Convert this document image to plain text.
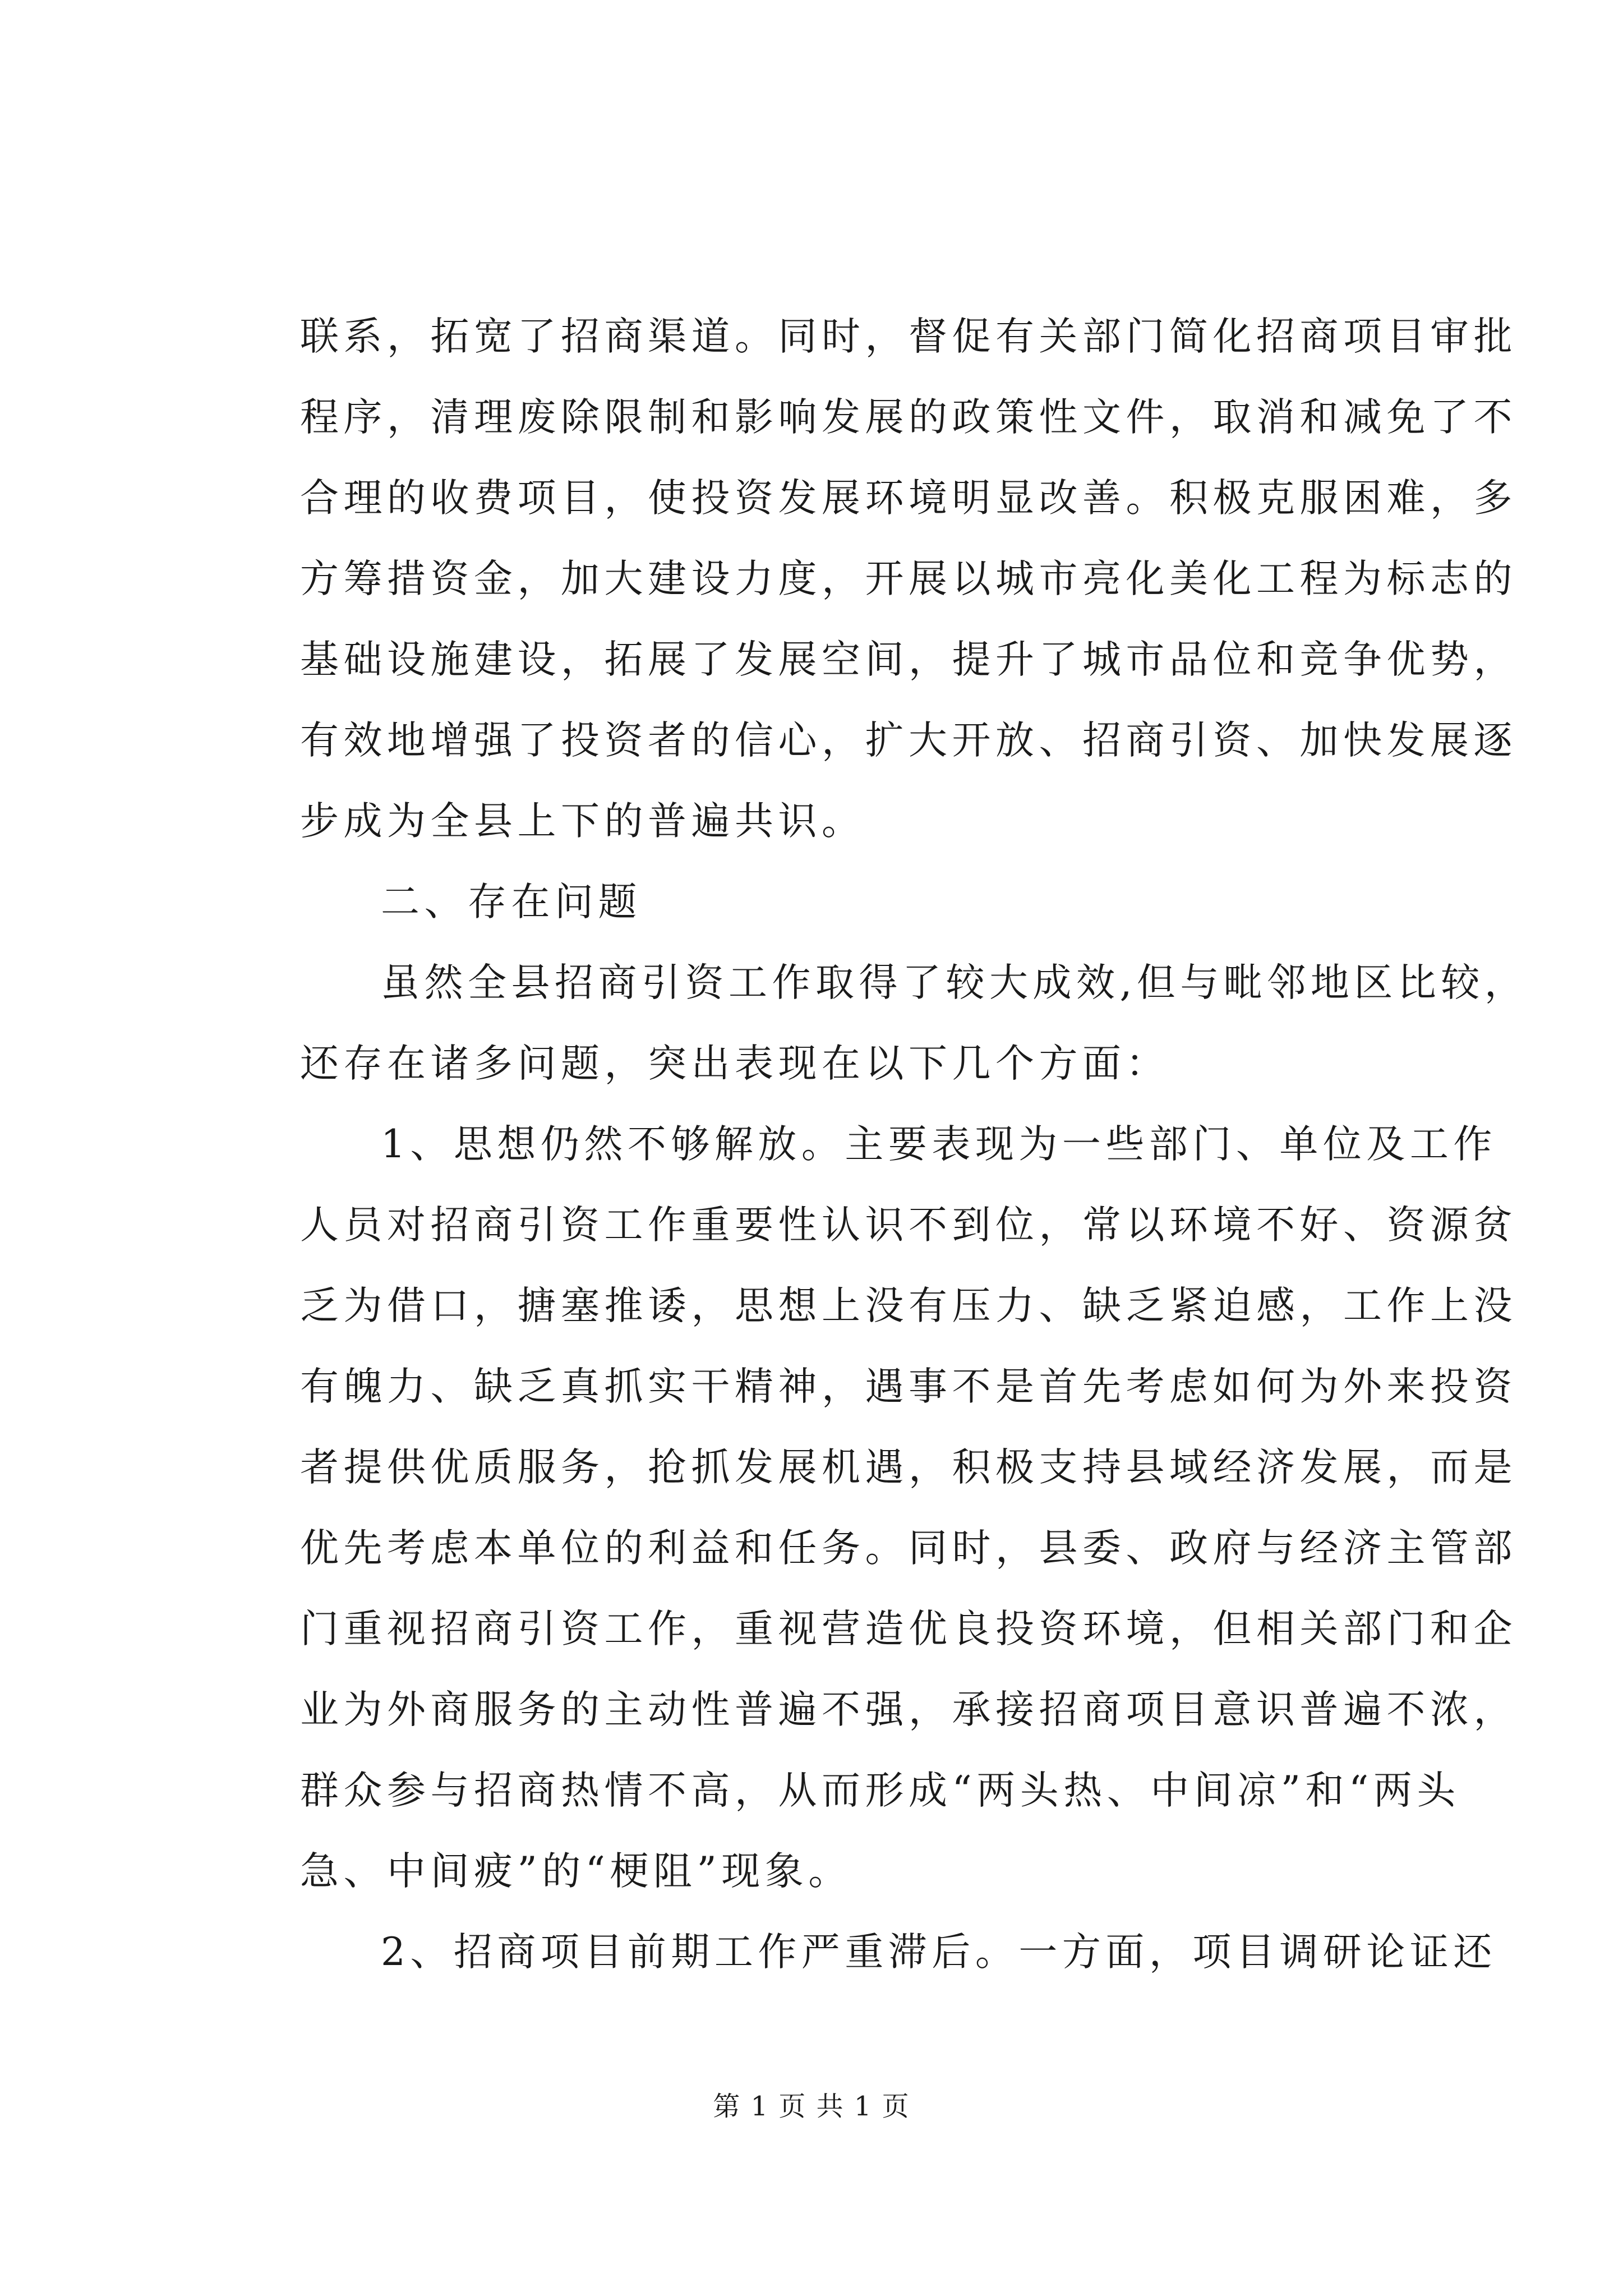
联系，拓宽了招商渠道。同时，督促有关部门简化招商项目审批
程序，清理废除限制和影响发展的政策性文件，取消和减免了不
合理的收费项目，使投资发展环境明显改善。积极克服困难，多
方筹措资金，加大建设力度，开展以城市亮化美化工程为标志的
基础设施建设，拓展了发展空间，提升了城市品位和竞争优势，
有效地增强了投资者的信心，扩大开放、招商引资、加快发展逐
步成为全县上下的普遍共识。
二、存在问题
虽然全县招商引资工作取得了较大成效,但与毗邻地区比较，
还存在诸多问题，突出表现在以下几个方面：
1、思想仍然不够解放。主要表现为一些部门、单位及工作
人员对招商引资工作重要性认识不到位，常以环境不好、资源贫
乏为借口，搪塞推诿，思想上没有压力、缺乏紧迫感，工作上没
有魄力、缺乏真抓实干精神，遇事不是首先考虑如何为外来投资
者提供优质服务，抢抓发展机遇，积极支持县域经济发展，而是
优先考虑本单位的利益和任务。同时，县委、政府与经济主管部
门重视招商引资工作，重视营造优良投资环境，但相关部门和企
业为外商服务的主动性普遍不强，承接招商项目意识普遍不浓，
群众参与招商热情不高，从而形成“两头热、中间凉”和“两头
急、中间疲”的“梗阻”现象。
2、招商项目前期工作严重滞后。一方面，项目调研论证还
第 1 页 共 1 页
